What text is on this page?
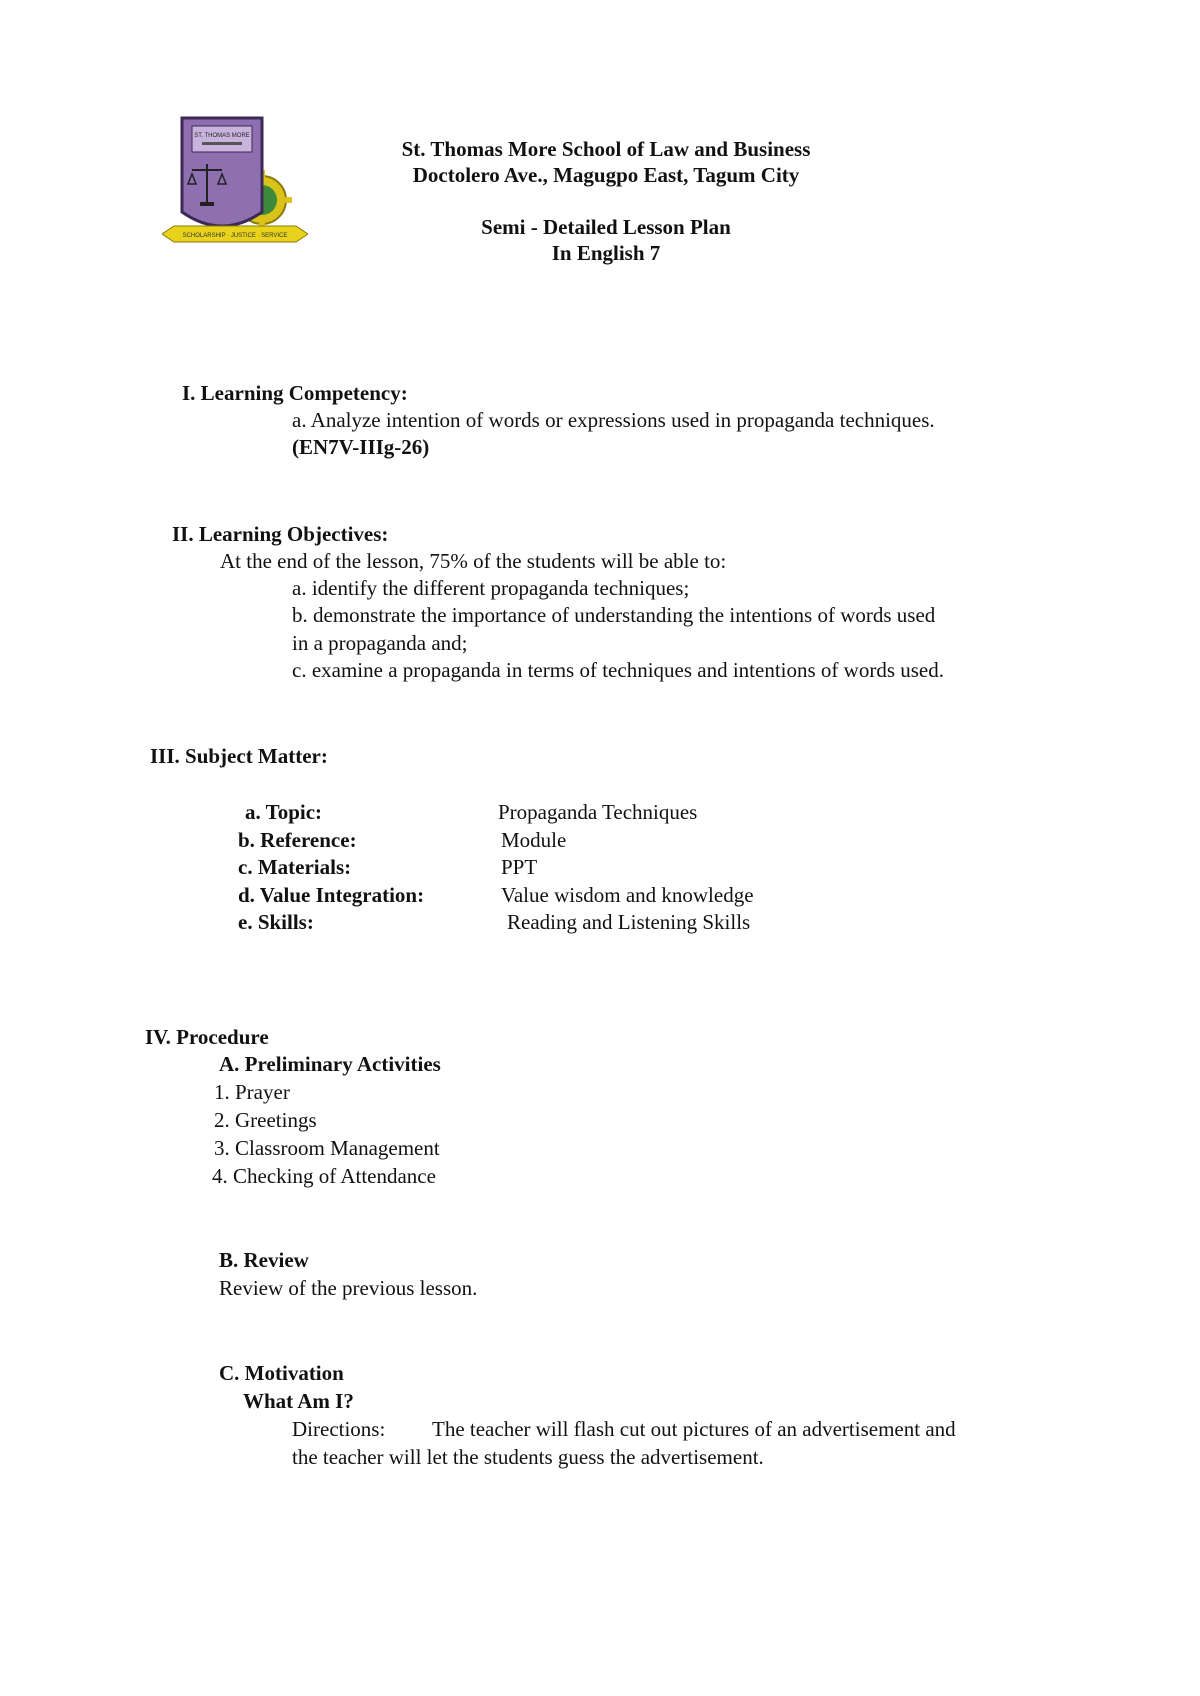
ST. THOMAS MORE
SCHOLARSHIP · JUSTICE · SERVICE
St. Thomas More School of Law and Business
Doctolero Ave., Magugpo East, Tagum City
Semi - Detailed Lesson Plan
In English 7
I. Learning Competency:
a. Analyze intention of words or expressions used in propaganda techniques.
(EN7V-IIIg-26)
II. Learning Objectives:
At the end of the lesson, 75% of the students will be able to:
a. identify the different propaganda techniques;
b. demonstrate the importance of understanding the intentions of words used
in a propaganda and;
c. examine a propaganda in terms of techniques and intentions of words used.
III. Subject Matter:
a. Topic:	Propaganda Techniques
b. Reference:	Module
c. Materials:	PPT
d. Value Integration:	Value wisdom and knowledge
e. Skills:	Reading and Listening Skills
IV. Procedure
A. Preliminary Activities
1. Prayer
2. Greetings
3. Classroom Management
4. Checking of Attendance
B. Review
Review of the previous lesson.
C. Motivation
What Am I?
Directions: The teacher will flash cut out pictures of an advertisement and
the teacher will let the students guess the advertisement.
